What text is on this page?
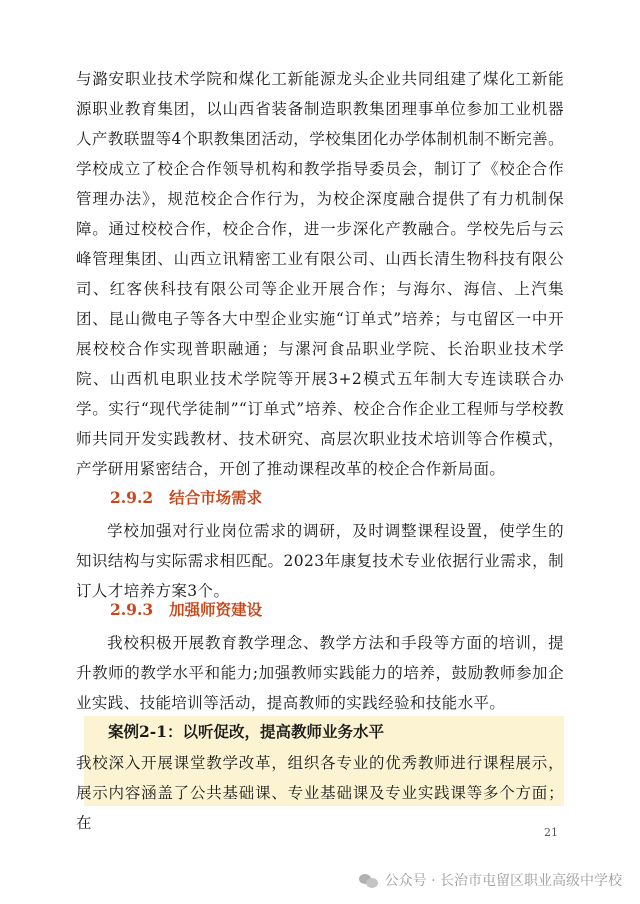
与潞安职业技术学院和煤化工新能源龙头企业共同组建了煤化工新能源职业教育集团，以山西省装备制造职教集团理事单位参加工业机器人产教联盟等4个职教集团活动，学校集团化办学体制机制不断完善。学校成立了校企合作领导机构和教学指导委员会，制订了《校企合作管理办法》，规范校企合作行为，为校企深度融合提供了有力机制保障。通过校校合作，校企合作，进一步深化产教融合。学校先后与云峰管理集团、山西立讯精密工业有限公司、山西长清生物科技有限公司、红客侠科技有限公司等企业开展合作；与海尔、海信、上汽集团、昆山微电子等各大中型企业实施“订单式”培养；与屯留区一中开展校校合作实现普职融通；与漯河食品职业学院、长治职业技术学院、山西机电职业技术学院等开展3+2模式五年制大专连读联合办学。实行“现代学徒制”“订单式”培养、校企合作企业工程师与学校教师共同开发实践教材、技术研究、高层次职业技术培训等合作模式，产学研用紧密结合，开创了推动课程改革的校企合作新局面。

2.9.2 结合市场需求

学校加强对行业岗位需求的调研，及时调整课程设置，使学生的知识结构与实际需求相匹配。2023年康复技术专业依据行业需求，制订人才培养方案3个。

2.9.3 加强师资建设

我校积极开展教育教学理念、教学方法和手段等方面的培训，提升教师的教学水平和能力;加强教师实践能力的培养，鼓励教师参加企业实践、技能培训等活动，提高教师的实践经验和技能水平。

案例2-1：以听促改，提高教师业务水平

我校深入开展课堂教学改革，组织各专业的优秀教师进行课程展示，展示内容涵盖了公共基础课、专业基础课及专业实践课等多个方面；在

21
公众号 · 长治市屯留区职业高级中学校
